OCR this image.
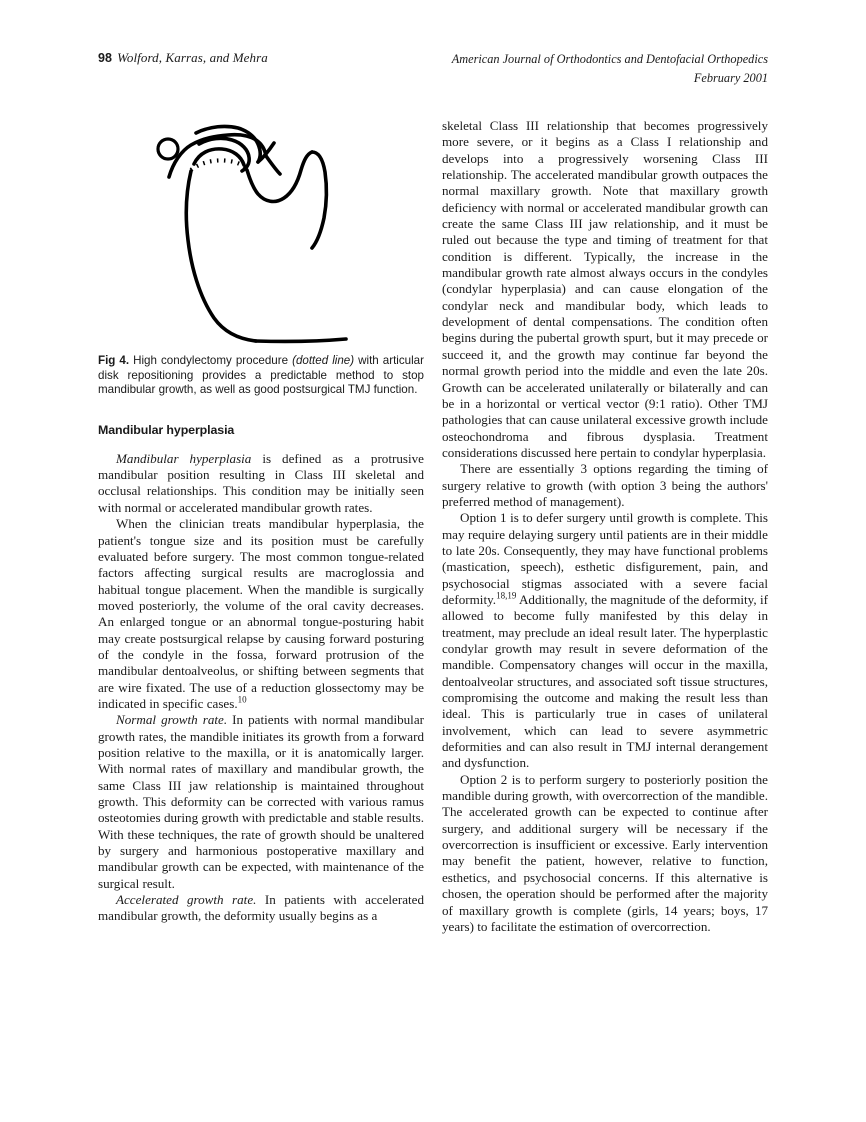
98 Wolford, Karras, and Mehra	American Journal of Orthodontics and Dentofacial Orthopedics
February 2001
Fig 4. High condylectomy procedure (dotted line) with articular disk repositioning provides a predictable method to stop mandibular growth, as well as good postsurgical TMJ function.
Mandibular hyperplasia

Mandibular hyperplasia is defined as a protrusive mandibular position resulting in Class III skeletal and occlusal relationships. This condition may be initially seen with normal or accelerated mandibular growth rates.

When the clinician treats mandibular hyperplasia, the patient's tongue size and its position must be carefully evaluated before surgery. The most common tongue-related factors affecting surgical results are macroglossia and habitual tongue placement. When the mandible is surgically moved posteriorly, the volume of the oral cavity decreases. An enlarged tongue or an abnormal tongue-posturing habit may create postsurgical relapse by causing forward posturing of the condyle in the fossa, forward protrusion of the mandibular dentoalveolus, or shifting between segments that are wire fixated. The use of a reduction glossectomy may be indicated in specific cases.$^{10}$

Normal growth rate. In patients with normal mandibular growth rates, the mandible initiates its growth from a forward position relative to the maxilla, or it is anatomically larger. With normal rates of maxillary and mandibular growth, the same Class III jaw relationship is maintained throughout growth. This deformity can be corrected with various ramus osteotomies during growth with predictable and stable results. With these techniques, the rate of growth should be unaltered by surgery and harmonious postoperative maxillary and mandibular growth can be expected, with maintenance of the surgical result.

Accelerated growth rate. In patients with accelerated mandibular growth, the deformity usually begins as a

skeletal Class III relationship that becomes progressively more severe, or it begins as a Class I relationship and develops into a progressively worsening Class III relationship. The accelerated mandibular growth outpaces the normal maxillary growth. Note that maxillary growth deficiency with normal or accelerated mandibular growth can create the same Class III jaw relationship, and it must be ruled out because the type and timing of treatment for that condition is different. Typically, the increase in the mandibular growth rate almost always occurs in the condyles (condylar hyperplasia) and can cause elongation of the condylar neck and mandibular body, which leads to development of dental compensations. The condition often begins during the pubertal growth spurt, but it may precede or succeed it, and the growth may continue far beyond the normal growth period into the middle and even the late 20s. Growth can be accelerated unilaterally or bilaterally and can be in a horizontal or vertical vector (9:1 ratio). Other TMJ pathologies that can cause unilateral excessive growth include osteochondroma and fibrous dysplasia. Treatment considerations discussed here pertain to condylar hyperplasia.

There are essentially 3 options regarding the timing of surgery relative to growth (with option 3 being the authors' preferred method of management).

Option 1 is to defer surgery until growth is complete. This may require delaying surgery until patients are in their middle to late 20s. Consequently, they may have functional problems (mastication, speech), esthetic disfigurement, pain, and psychosocial stigmas associated with a severe facial deformity.$^{18,19}$ Additionally, the magnitude of the deformity, if allowed to become fully manifested by this delay in treatment, may preclude an ideal result later. The hyperplastic condylar growth may result in severe deformation of the mandible. Compensatory changes will occur in the maxilla, dentoalveolar structures, and associated soft tissue structures, compromising the outcome and making the result less than ideal. This is particularly true in cases of unilateral involvement, which can lead to severe asymmetric deformities and can also result in TMJ internal derangement and dysfunction.

Option 2 is to perform surgery to posteriorly position the mandible during growth, with overcorrection of the mandible. The accelerated growth can be expected to continue after surgery, and additional surgery will be necessary if the overcorrection is insufficient or excessive. Early intervention may benefit the patient, however, relative to function, esthetics, and psychosocial concerns. If this alternative is chosen, the operation should be performed after the majority of maxillary growth is complete (girls, 14 years; boys, 17 years) to facilitate the estimation of overcorrection.
